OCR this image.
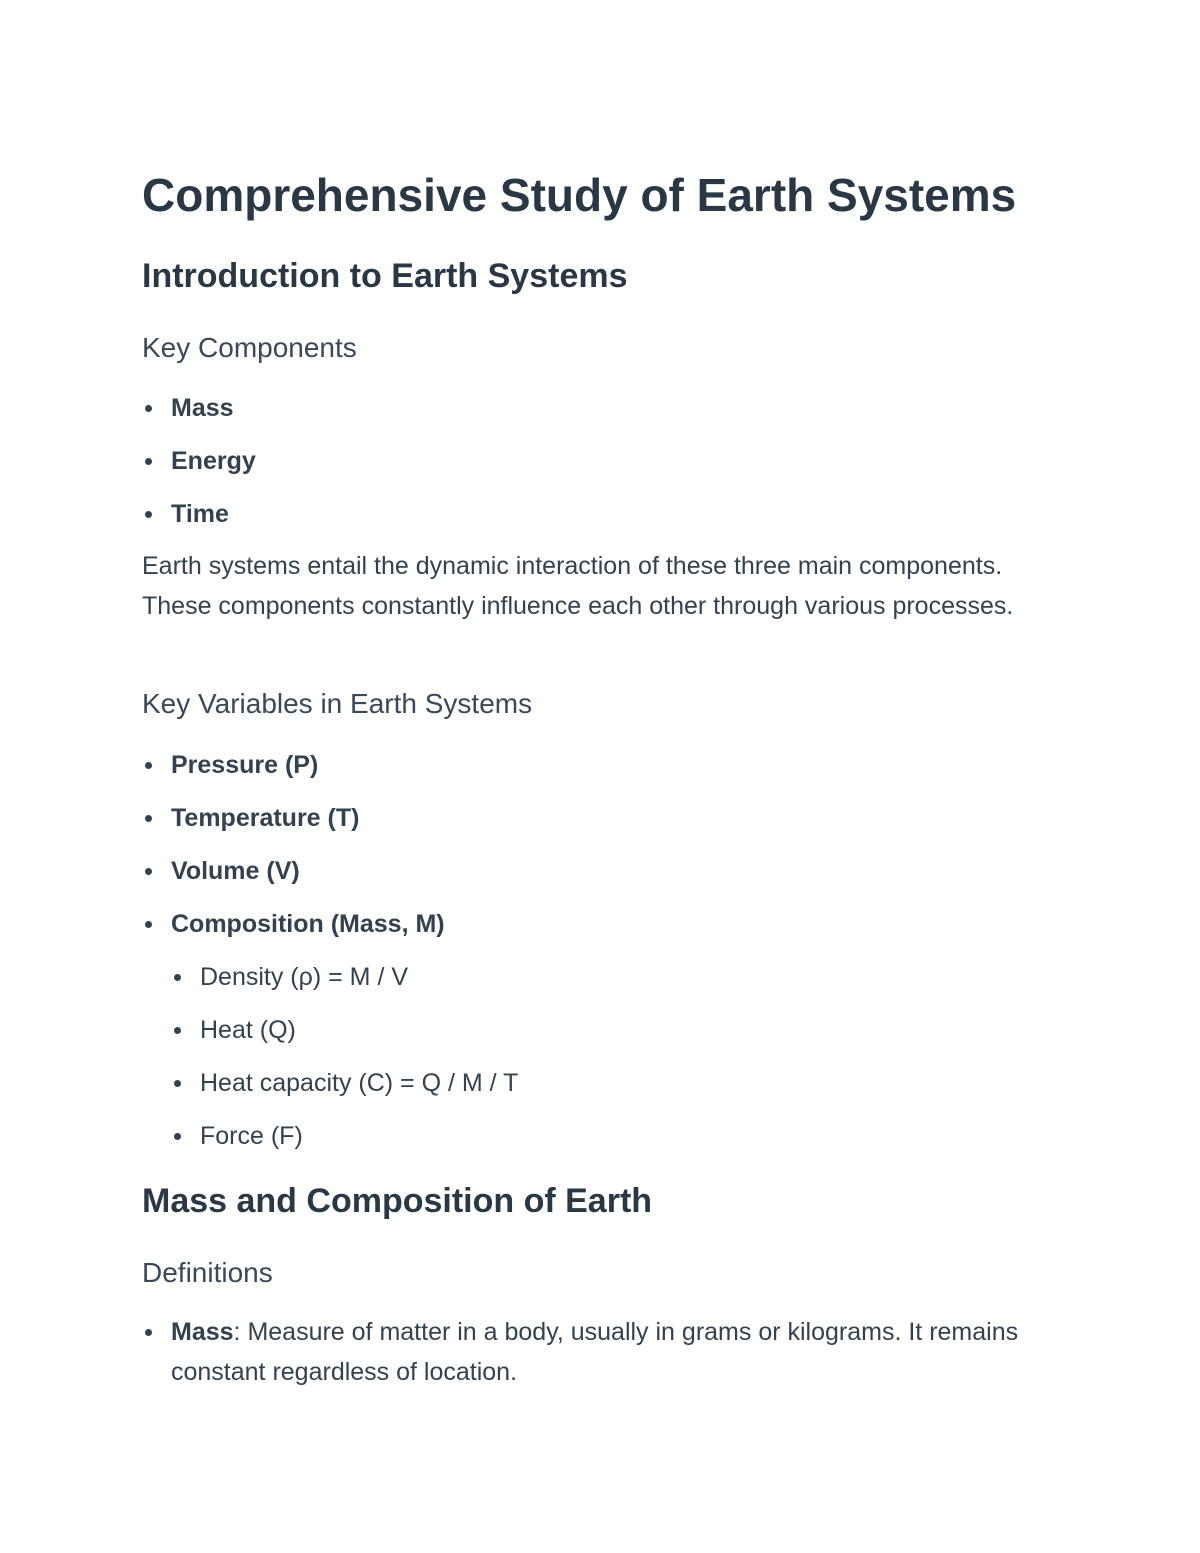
Comprehensive Study of Earth Systems
Introduction to Earth Systems
Key Components
Mass
Energy
Time

Earth systems entail the dynamic interaction of these three main components. These components constantly influence each other through various processes.

Key Variables in Earth Systems
Pressure (P)
Temperature (T)
Volume (V)
Composition (Mass, M)
Density (ρ) = M / V
Heat (Q)
Heat capacity (C) = Q / M / T
Force (F)
Mass and Composition of Earth
Definitions
Mass: Measure of matter in a body, usually in grams or kilograms. It remains constant regardless of location.
